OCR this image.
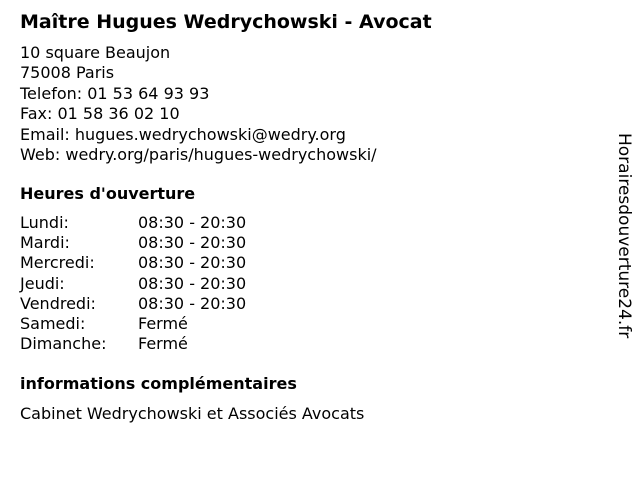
Maître Hugues Wedrychowski - Avocat
10 square Beaujon
75008 Paris
Telefon: 01 53 64 93 93
Fax: 01 58 36 02 10
Email: hugues.wedrychowski@wedry.org
Web: wedry.org/paris/hugues-wedrychowski/
Heures d'ouverture
Lundi:	08:30 - 20:30
Mardi:	08:30 - 20:30
Mercredi:	08:30 - 20:30
Jeudi:	08:30 - 20:30
Vendredi:	08:30 - 20:30
Samedi:	Fermé
Dimanche:	Fermé
informations complémentaires
Cabinet Wedrychowski et Associés Avocats
Horairesdouverture24.fr
